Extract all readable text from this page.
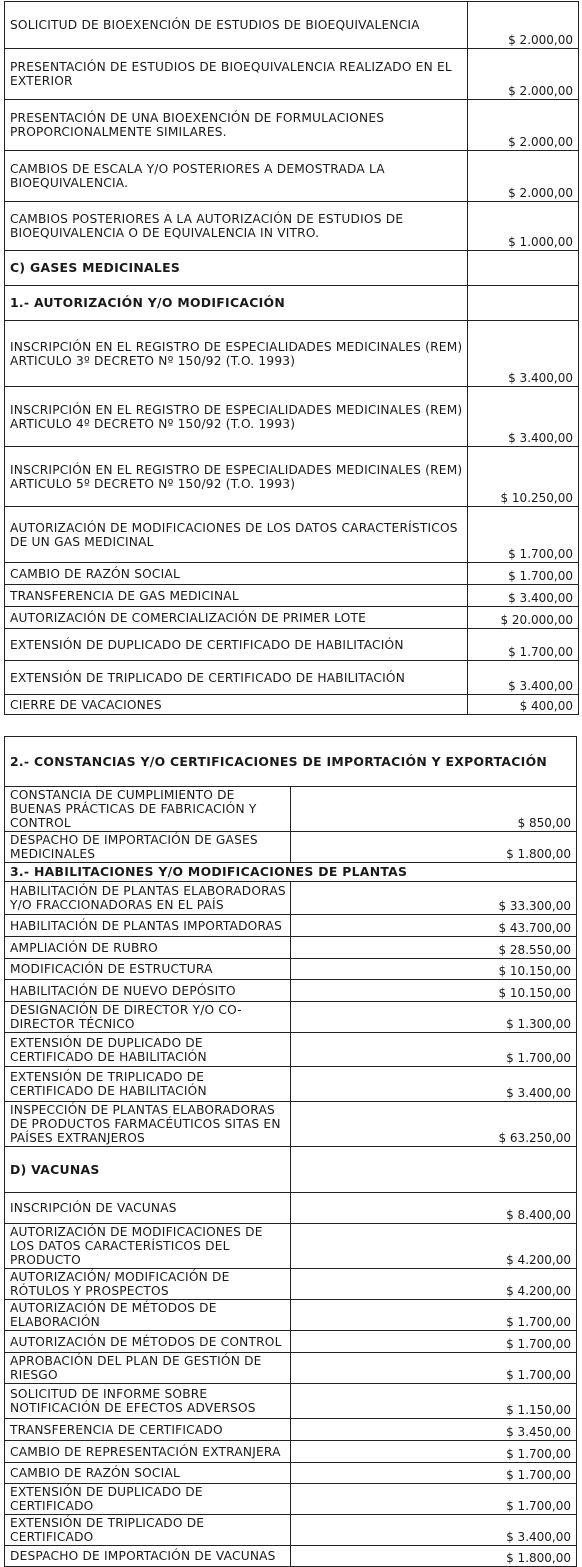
SOLICITUD DE BIOEXENCIÓN DE ESTUDIOS DE BIOEQUIVALENCIA	$ 2.000,00
PRESENTACIÓN DE ESTUDIOS DE BIOEQUIVALENCIA REALIZADO EN EL EXTERIOR	$ 2.000,00
PRESENTACIÓN DE UNA BIOEXENCIÓN DE FORMULACIONES PROPORCIONALMENTE SIMILARES.	$ 2.000,00
CAMBIOS DE ESCALA Y/O POSTERIORES A DEMOSTRADA LA BIOEQUIVALENCIA.	$ 2.000,00
CAMBIOS POSTERIORES A LA AUTORIZACIÓN DE ESTUDIOS DE BIOEQUIVALENCIA O DE EQUIVALENCIA IN VITRO.	$ 1.000,00
C) GASES MEDICINALES	
1.- AUTORIZACIÓN Y/O MODIFICACIÓN	
INSCRIPCIÓN EN EL REGISTRO DE ESPECIALIDADES MEDICINALES (REM) ARTICULO 3º DECRETO Nº 150/92 (T.O. 1993)	$ 3.400,00
INSCRIPCIÓN EN EL REGISTRO DE ESPECIALIDADES MEDICINALES (REM) ARTICULO 4º DECRETO Nº 150/92 (T.O. 1993)	$ 3.400,00
INSCRIPCIÓN EN EL REGISTRO DE ESPECIALIDADES MEDICINALES (REM) ARTICULO 5º DECRETO Nº 150/92 (T.O. 1993)	$ 10.250,00
AUTORIZACIÓN DE MODIFICACIONES DE LOS DATOS CARACTERÍSTICOS DE UN GAS MEDICINAL	$ 1.700,00
CAMBIO DE RAZÓN SOCIAL	$ 1.700,00
TRANSFERENCIA DE GAS MEDICINAL	$ 3.400,00
AUTORIZACIÓN DE COMERCIALIZACIÓN DE PRIMER LOTE	$ 20.000,00
EXTENSIÓN DE DUPLICADO DE CERTIFICADO DE HABILITACIÓN	$ 1.700,00
EXTENSIÓN DE TRIPLICADO DE CERTIFICADO DE HABILITACIÓN	$ 3.400,00
CIERRE DE VACACIONES	$ 400,00
2.- CONSTANCIAS Y/O CERTIFICACIONES DE IMPORTACIÓN Y EXPORTACIÓN	
CONSTANCIA DE CUMPLIMIENTO DE BUENAS PRÁCTICAS DE FABRICACIÓN Y CONTROL	$ 850,00
DESPACHO DE IMPORTACIÓN DE GASES MEDICINALES	$ 1.800,00
3.- HABILITACIONES Y/O MODIFICACIONES DE PLANTAS	
HABILITACIÓN DE PLANTAS ELABORADORAS Y/O FRACCIONADORAS EN EL PAÍS	$ 33.300,00
HABILITACIÓN DE PLANTAS IMPORTADORAS	$ 43.700,00
AMPLIACIÓN DE RUBRO	$ 28.550,00
MODIFICACIÓN DE ESTRUCTURA	$ 10.150,00
HABILITACIÓN DE NUEVO DEPÓSITO	$ 10.150,00
DESIGNACIÓN DE DIRECTOR Y/O CO-DIRECTOR TÉCNICO	$ 1.300,00
EXTENSIÓN DE DUPLICADO DE CERTIFICADO DE HABILITACIÓN	$ 1.700,00
EXTENSIÓN DE TRIPLICADO DE CERTIFICADO DE HABILITACIÓN	$ 3.400,00
INSPECCIÓN DE PLANTAS ELABORADORAS DE PRODUCTOS FARMACÉUTICOS SITAS EN PAÍSES EXTRANJEROS	$ 63.250,00
D) VACUNAS	
INSCRIPCIÓN DE VACUNAS	$ 8.400,00
AUTORIZACIÓN DE MODIFICACIONES DE LOS DATOS CARACTERÍSTICOS DEL PRODUCTO	$ 4.200,00
AUTORIZACIÓN/ MODIFICACIÓN DE RÓTULOS Y PROSPECTOS	$ 4.200,00
AUTORIZACIÓN DE MÉTODOS DE ELABORACIÓN	$ 1.700,00
AUTORIZACIÓN DE MÉTODOS DE CONTROL	$ 1.700,00
APROBACIÓN DEL PLAN DE GESTIÓN DE RIESGO	$ 1.700,00
SOLICITUD DE INFORME SOBRE NOTIFICACIÓN DE EFECTOS ADVERSOS	$ 1.150,00
TRANSFERENCIA DE CERTIFICADO	$ 3.450,00
CAMBIO DE REPRESENTACIÓN EXTRANJERA	$ 1.700,00
CAMBIO DE RAZÓN SOCIAL	$ 1.700,00
EXTENSIÓN DE DUPLICADO DE CERTIFICADO	$ 1.700,00
EXTENSIÓN DE TRIPLICADO DE CERTIFICADO	$ 3.400,00
DESPACHO DE IMPORTACIÓN DE VACUNAS	$ 1.800,00
